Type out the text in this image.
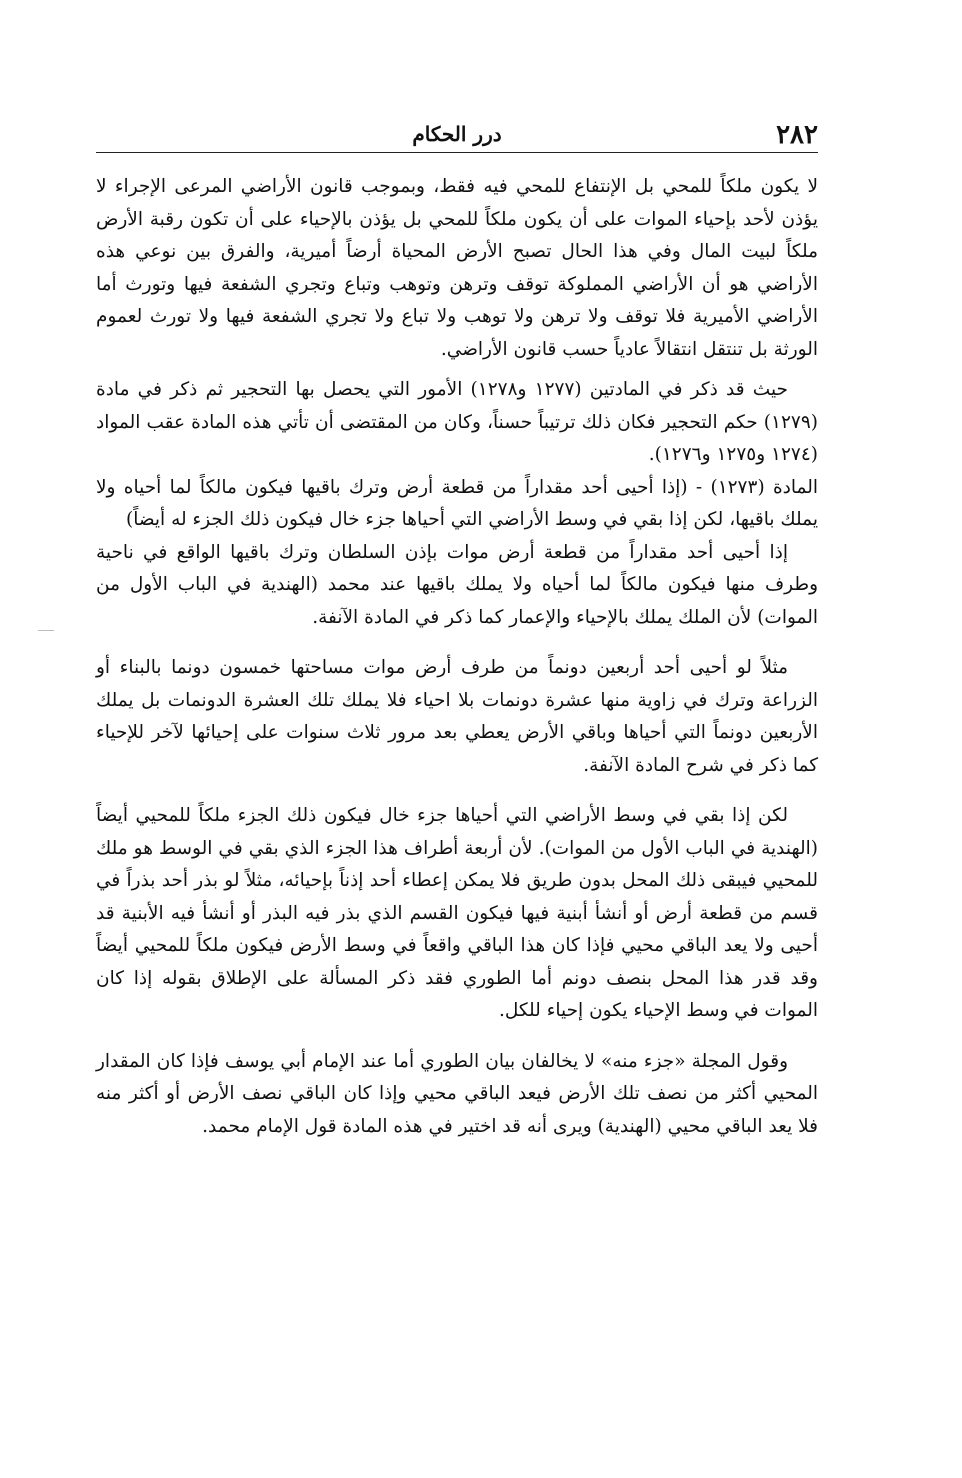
٢٨٢
درر الحكام

لا يكون ملكاً للمحي بل الإنتفاع للمحي فيه فقط، وبموجب قانون الأراضي المرعى الإجراء لا يؤذن لأحد بإحياء الموات على أن يكون ملكاً للمحي بل يؤذن بالإحياء على أن تكون رقبة الأرض ملكاً لبيت المال وفي هذا الحال تصبح الأرض المحياة أرضاً أميرية، والفرق بين نوعي هذه الأراضي هو أن الأراضي المملوكة توقف وترهن وتوهب وتباع وتجري الشفعة فيها وتورث أما الأراضي الأميرية فلا توقف ولا ترهن ولا توهب ولا تباع ولا تجري الشفعة فيها ولا تورث لعموم الورثة بل تنتقل انتقالاً عادياً حسب قانون الأراضي.

حيث قد ذكر في المادتين (١٢٧٧ و١٢٧٨) الأمور التي يحصل بها التحجير ثم ذكر في مادة (١٢٧٩) حكم التحجير فكان ذلك ترتيباً حسناً، وكان من المقتضى أن تأتي هذه المادة عقب المواد (١٢٧٤ و١٢٧٥ و١٢٧٦).

المادة (١٢٧٣) - (إذا أحيى أحد مقداراً من قطعة أرض وترك باقيها فيكون مالكاً لما أحياه ولا يملك باقيها، لكن إذا بقي في وسط الأراضي التي أحياها جزء خال فيكون ذلك الجزء له أيضاً)

إذا أحيى أحد مقداراً من قطعة أرض موات بإذن السلطان وترك باقيها الواقع في ناحية وطرف منها فيكون مالكاً لما أحياه ولا يملك باقيها عند محمد (الهندية في الباب الأول من الموات) لأن الملك يملك بالإحياء والإعمار كما ذكر في المادة الآنفة.

مثلاً لو أحيى أحد أربعين دونماً من طرف أرض موات مساحتها خمسون دونما بالبناء أو الزراعة وترك في زاوية منها عشرة دونمات بلا احياء فلا يملك تلك العشرة الدونمات بل يملك الأربعين دونماً التي أحياها وباقي الأرض يعطي بعد مرور ثلاث سنوات على إحيائها لآخر للإحياء كما ذكر في شرح المادة الآنفة.

لكن إذا بقي في وسط الأراضي التي أحياها جزء خال فيكون ذلك الجزء ملكاً للمحيي أيضاً (الهندية في الباب الأول من الموات). لأن أربعة أطراف هذا الجزء الذي بقي في الوسط هو ملك للمحيي فيبقى ذلك المحل بدون طريق فلا يمكن إعطاء أحد إذناً بإحيائه، مثلاً لو بذر أحد بذراً في قسم من قطعة أرض أو أنشأ أبنية فيها فيكون القسم الذي بذر فيه البذر أو أنشأ فيه الأبنية قد أحيى ولا يعد الباقي محيي فإذا كان هذا الباقي واقعاً في وسط الأرض فيكون ملكاً للمحيي أيضاً وقد قدر هذا المحل بنصف دونم أما الطوري فقد ذكر المسألة على الإطلاق بقوله إذا كان الموات في وسط الإحياء يكون إحياء للكل.

وقول المجلة «جزء منه» لا يخالفان بيان الطوري أما عند الإمام أبي يوسف فإذا كان المقدار المحيي أكثر من نصف تلك الأرض فيعد الباقي محيي وإذا كان الباقي نصف الأرض أو أكثر منه فلا يعد الباقي محيي (الهندية) ويرى أنه قد اختير في هذه المادة قول الإمام محمد.
